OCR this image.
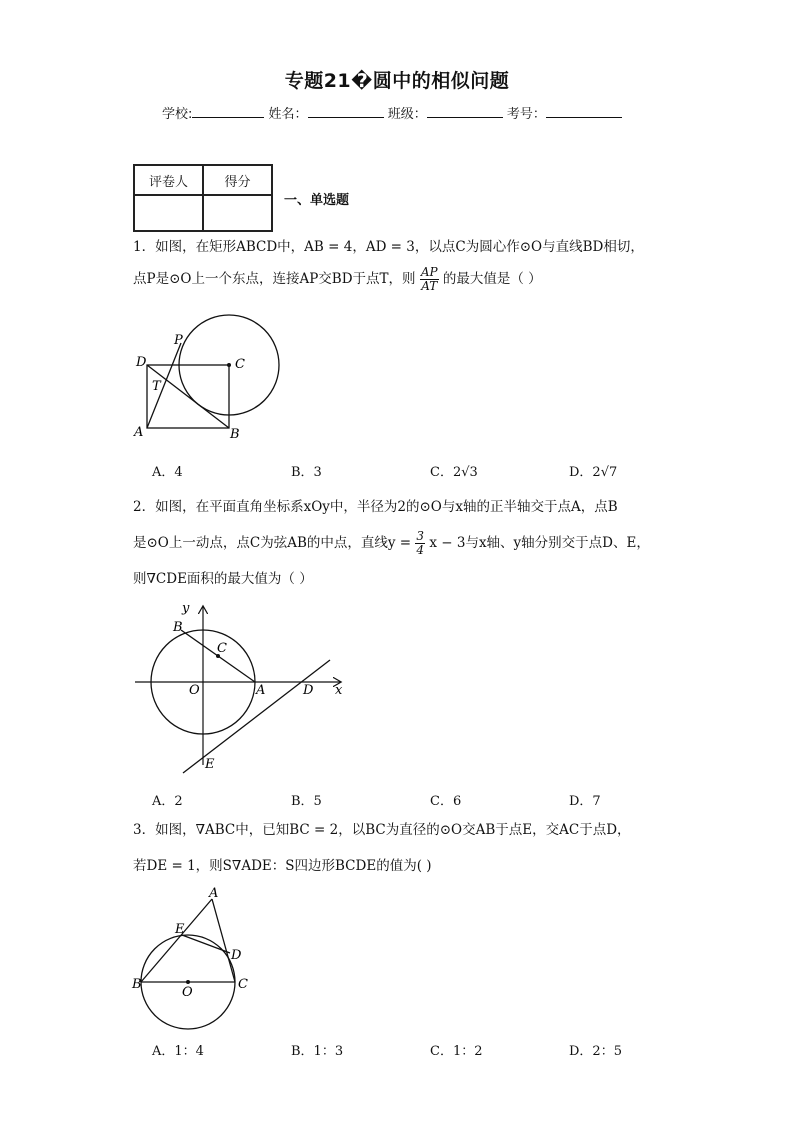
专题21�圆中的相似问题
学校:	姓名：	班级：	考号：
评卷人	得分

一、单选题
1．如图，在矩形ABCD中，AB = 4，AD = 3，以点C为圆心作⊙O与直线BD相切，
点P是⊙O上一个东点，连接AP交BD于点T，则 $\frac{AP}{AT}$ 的最大值是（ ）
P
D	C
T
A	B
A．4	B．3	C．2√3	D．2√7
2．如图，在平面直角坐标系xOy中，半径为2的⊙O与x轴的正半轴交于点A，点B
是⊙O上一动点，点C为弦AB的中点，直线$y = \frac{3}{4}$ x − 3与x轴、y轴分别交于点D、E，
则∇CDE面积的最大值为（ ）
y
B
C
O	A	D x
E
A．2	B．5	C．6	D．7
3．如图，∇ABC中，已知BC = 2，以BC为直径的⊙O交AB于点E，交AC于点D，
若DE = 1，则S∇ADE：S四边形BCDE的值为( )
A
E
D
B
O
C
A．1：4	B．1：3	C．1：2	D．2：5
